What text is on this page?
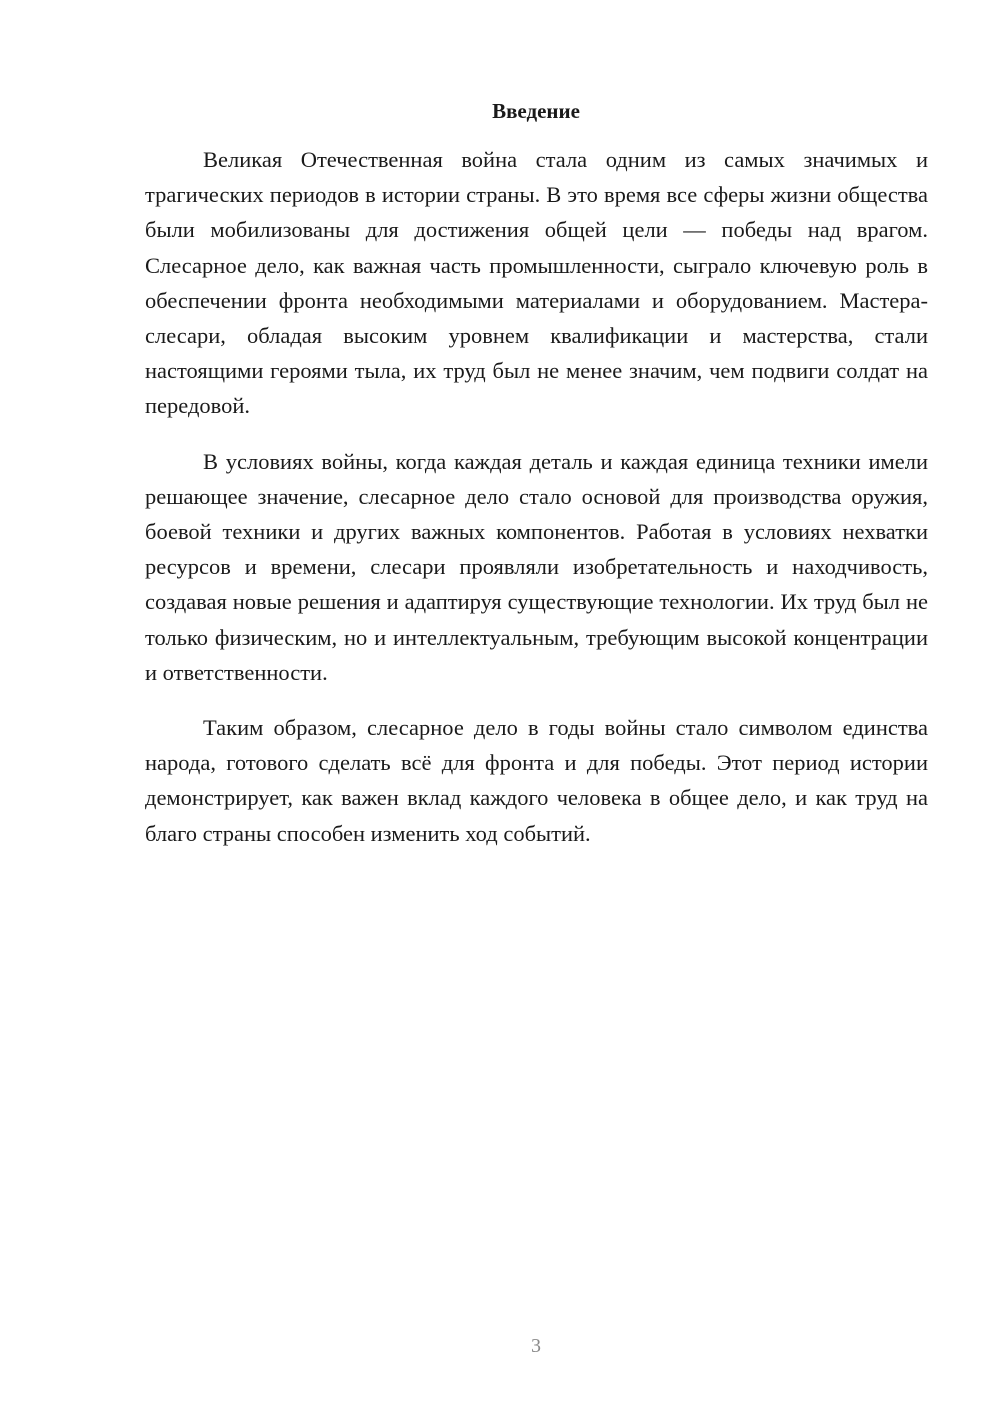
Введение

Великая Отечественная война стала одним из самых значимых и трагических периодов в истории страны. В это время все сферы жизни общества были мобилизованы для достижения общей цели — победы над врагом. Слесарное дело, как важная часть промышленности, сыграло ключевую роль в обеспечении фронта необходимыми материалами и оборудованием. Мастера-слесари, обладая высоким уровнем квалификации и мастерства, стали настоящими героями тыла, их труд был не менее значим, чем подвиги солдат на передовой.

В условиях войны, когда каждая деталь и каждая единица техники имели решающее значение, слесарное дело стало основой для производства оружия, боевой техники и других важных компонентов. Работая в условиях нехватки ресурсов и времени, слесари проявляли изобретательность и находчивость, создавая новые решения и адаптируя существующие технологии. Их труд был не только физическим, но и интеллектуальным, требующим высокой концентрации и ответственности.

Таким образом, слесарное дело в годы войны стало символом единства народа, готового сделать всё для фронта и для победы. Этот период истории демонстрирует, как важен вклад каждого человека в общее дело, и как труд на благо страны способен изменить ход событий.

3
